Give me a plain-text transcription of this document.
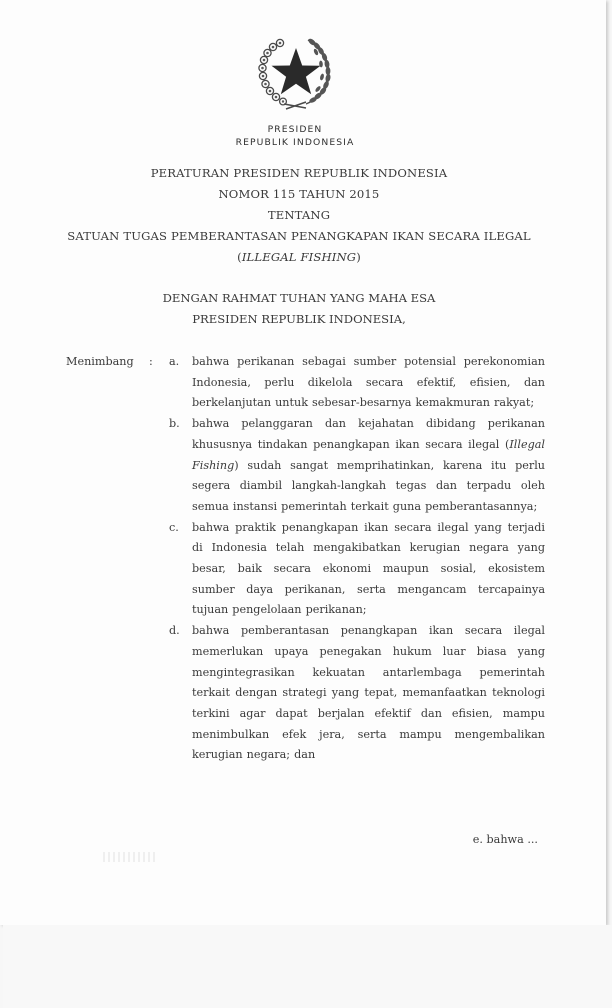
PRESIDEN
REPUBLIK INDONESIA
PERATURAN PRESIDEN REPUBLIK INDONESIA
NOMOR 115 TAHUN 2015
TENTANG
SATUAN TUGAS PEMBERANTASAN PENANGKAPAN IKAN SECARA ILEGAL
(ILLEGAL FISHING)
DENGAN RAHMAT TUHAN YANG MAHA ESA
PRESIDEN REPUBLIK INDONESIA,
Menimbang : a. bahwa perikanan sebagai sumber potensial perekonomian Indonesia, perlu dikelola secara efektif, efisien, dan berkelanjutan untuk sebesar-besarnya kemakmuran rakyat;
b. bahwa pelanggaran dan kejahatan dibidang perikanan khususnya tindakan penangkapan ikan secara ilegal (Illegal Fishing) sudah sangat memprihatinkan, karena itu perlu segera diambil langkah-langkah tegas dan terpadu oleh semua instansi pemerintah terkait guna pemberantasannya;
c. bahwa praktik penangkapan ikan secara ilegal yang terjadi di Indonesia telah mengakibatkan kerugian negara yang besar, baik secara ekonomi maupun sosial, ekosistem sumber daya perikanan, serta mengancam tercapainya tujuan pengelolaan perikanan;
d. bahwa pemberantasan penangkapan ikan secara ilegal memerlukan upaya penegakan hukum luar biasa yang mengintegrasikan kekuatan antarlembaga pemerintah terkait dengan strategi yang tepat, memanfaatkan teknologi terkini agar dapat berjalan efektif dan efisien, mampu menimbulkan efek jera, serta mampu mengembalikan kerugian negara; dan
e. bahwa ...
